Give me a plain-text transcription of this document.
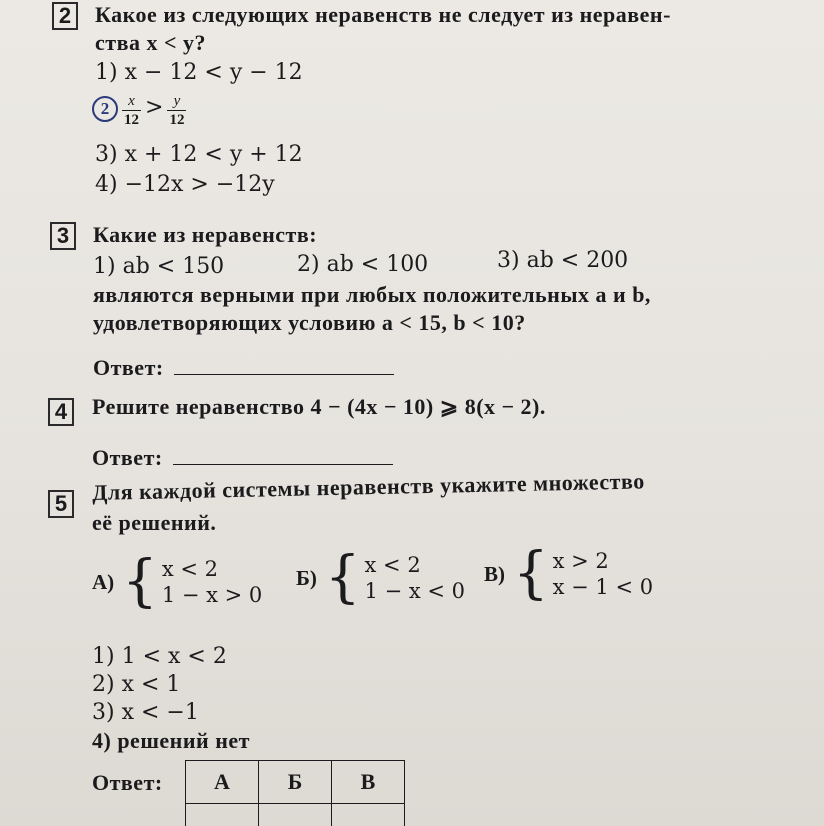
2	Какое из следующих неравенств не следует из неравен-
ства x < y?
1) x − 12 < y − 12
$2 \frac{x}{12} > \frac{y}{12}$
3) x + 12 < y + 12
4) −12x > −12y
3	Какие из неравенств:
1) ab < 150	2) ab < 100	3) ab < 200
являются верными при любых положительных a и b,
удовлетворяющих условию a < 15, b < 10?
Ответ:
4	Решите неравенство 4 − (4x − 10) ⩾ 8(x − 2).
Ответ:
5	Для каждой системы неравенств укажите множество
её решений.
А) { x < 2
1 − x > 0
Б) { x < 2
1 − x < 0
В) { x > 2
x − 1 < 0
1) 1 < x < 2
2) x < 1
3) x < −1
4) решений нет
Ответ: А	Б	В
